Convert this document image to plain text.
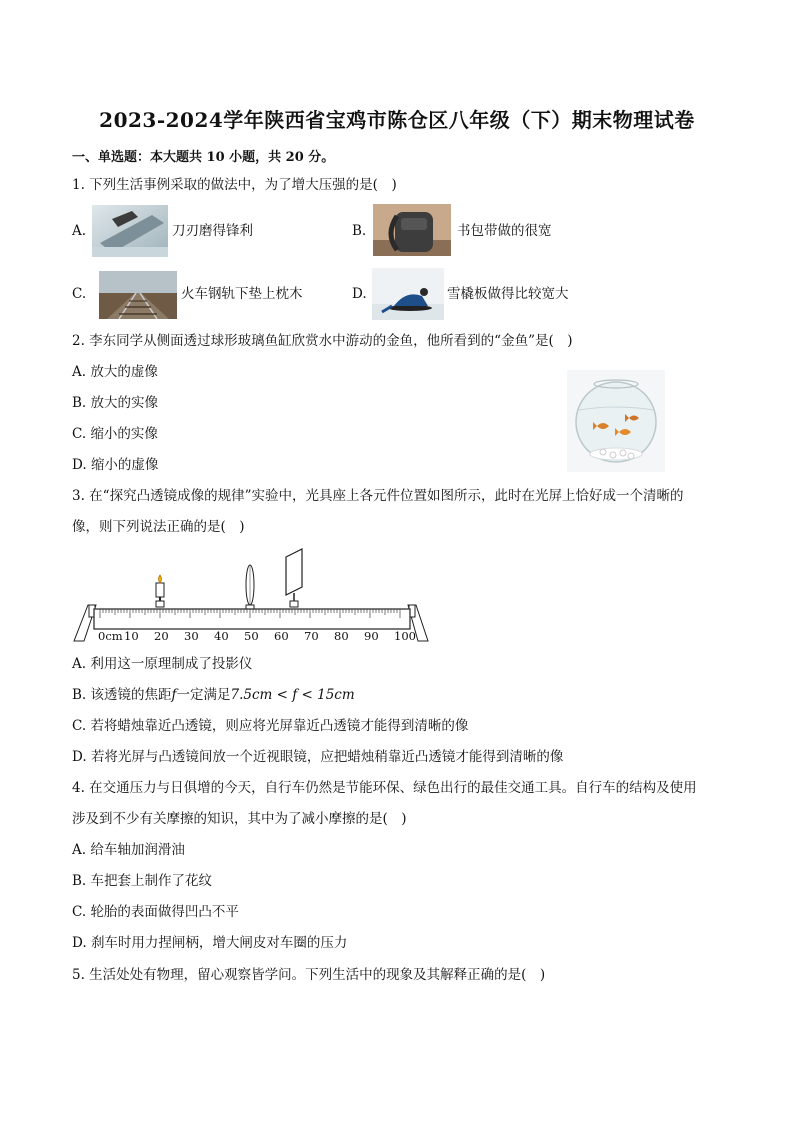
2023-2024学年陕西省宝鸡市陈仓区八年级（下）期末物理试卷
一、单选题：本大题共 10 小题，共 20 分。
1. 下列生活事例采取的做法中，为了增大压强的是(　)
A.	刀刃磨得锋利	B.	书包带做的很宽
C.	火车钢轨下垫上枕木	D.	雪橇板做得比较宽大
2. 李东同学从侧面透过球形玻璃鱼缸欣赏水中游动的金鱼，他所看到的“金鱼”是(　)
A. 放大的虚像
B. 放大的实像
C. 缩小的实像
D. 缩小的虚像
3. 在“探究凸透镜成像的规律”实验中，光具座上各元件位置如图所示，此时在光屏上恰好成一个清晰的
像，则下列说法正确的是(　)
0cm 10 20 30 40 50 60 70 80 90 100
A. 利用这一原理制成了投影仪
B. 该透镜的焦距f一定满足7.5cm < f < 15cm
C. 若将蜡烛靠近凸透镜，则应将光屏靠近凸透镜才能得到清晰的像
D. 若将光屏与凸透镜间放一个近视眼镜，应把蜡烛稍靠近凸透镜才能得到清晰的像
4. 在交通压力与日俱增的今天，自行车仍然是节能环保、绿色出行的最佳交通工具。自行车的结构及使用
涉及到不少有关摩擦的知识，其中为了减小摩擦的是(　)
A. 给车轴加润滑油
B. 车把套上制作了花纹
C. 轮胎的表面做得凹凸不平
D. 刹车时用力捏闸柄，增大闸皮对车圈的压力
5. 生活处处有物理，留心观察皆学问。下列生活中的现象及其解释正确的是(　)
